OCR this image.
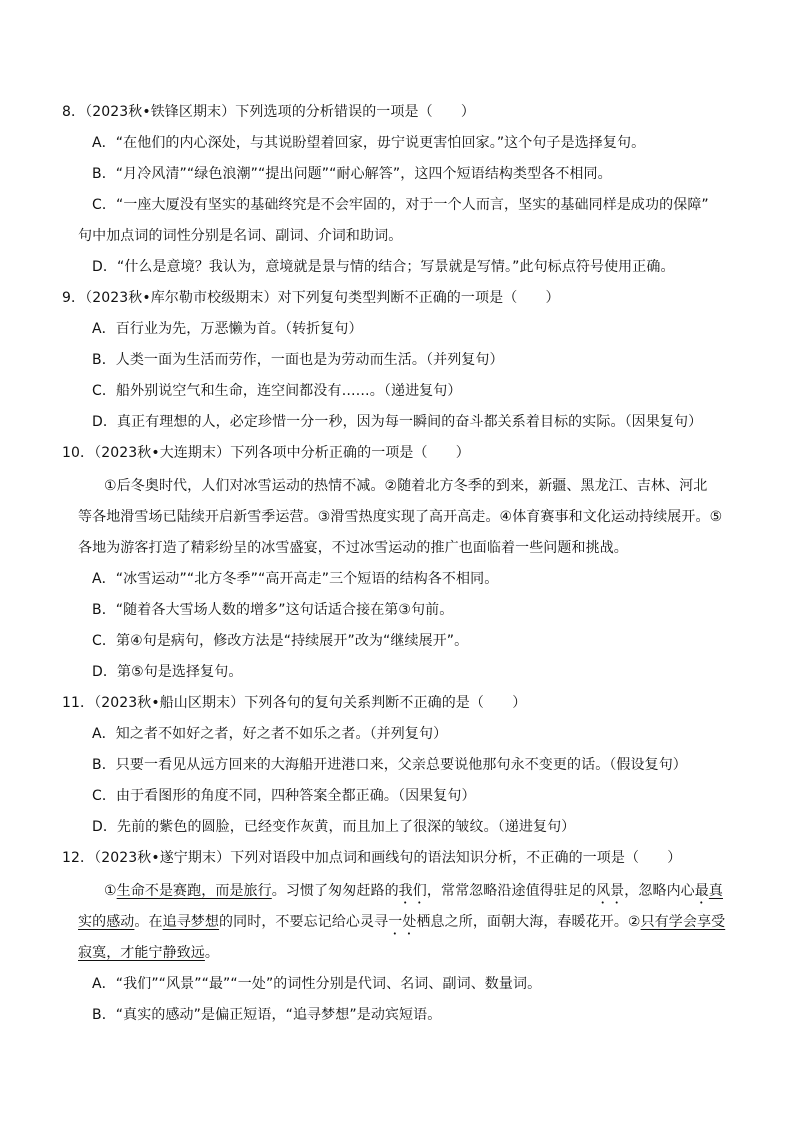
8．（2023秋•铁锋区期末）下列选项的分析错误的一项是（　　）
A．“在他们的内心深处，与其说盼望着回家，毋宁说更害怕回家。”这个句子是选择复句。
B．“月冷风清”“绿色浪潮”“提出问题”“耐心解答”，这四个短语结构类型各不相同。
C．“一座大厦没有坚实的基础终究是不会牢固的，对于一个人而言，坚实的基础同样是成功的保障”
句中加点词的词性分别是名词、副词、介词和助词。
D．“什么是意境？我认为，意境就是景与情的结合；写景就是写情。”此句标点符号使用正确。
9．（2023秋•库尔勒市校级期末）对下列复句类型判断不正确的一项是（　　）
A．百行业为先，万恶懒为首。（转折复句）
B．人类一面为生活而劳作，一面也是为劳动而生活。（并列复句）
C．船外别说空气和生命，连空间都没有……。（递进复句）
D．真正有理想的人，必定珍惜一分一秒，因为每一瞬间的奋斗都关系着目标的实际。（因果复句）
10．（2023秋•大连期末）下列各项中分析正确的一项是（　　）
①后冬奥时代，人们对冰雪运动的热情不减。②随着北方冬季的到来，新疆、黑龙江、吉林、河北
等各地滑雪场已陆续开启新雪季运营。③滑雪热度实现了高开高走。④体育赛事和文化运动持续展开。⑤
各地为游客打造了精彩纷呈的冰雪盛宴，不过冰雪运动的推广也面临着一些问题和挑战。
A．“冰雪运动”“北方冬季”“高开高走”三个短语的结构各不相同。
B．“随着各大雪场人数的增多”这句话适合接在第③句前。
C．第④句是病句，修改方法是“持续展开”改为“继续展开”。
D．第⑤句是选择复句。
11．（2023秋•船山区期末）下列各句的复句关系判断不正确的是（　　）
A．知之者不如好之者，好之者不如乐之者。（并列复句）
B．只要一看见从远方回来的大海船开进港口来，父亲总要说他那句永不变更的话。（假设复句）
C．由于看图形的角度不同，四种答案全都正确。（因果复句）
D．先前的紫色的圆脸，已经变作灰黄，而且加上了很深的皱纹。（递进复句）
12．（2023秋•遂宁期末）下列对语段中加点词和画线句的语法知识分析，不正确的一项是（　　）
①生命不是赛跑，而是旅行。习惯了匆匆赶路的我们，常常忽略沿途值得驻足的风景，忽略内心最真
实的感动。在追寻梦想的同时，不要忘记给心灵寻一处栖息之所，面朝大海，春暖花开。②只有学会享受
寂寞，才能宁静致远。
A．“我们”“风景”“最”“一处”的词性分别是代词、名词、副词、数量词。
B．“真实的感动”是偏正短语，“追寻梦想”是动宾短语。
